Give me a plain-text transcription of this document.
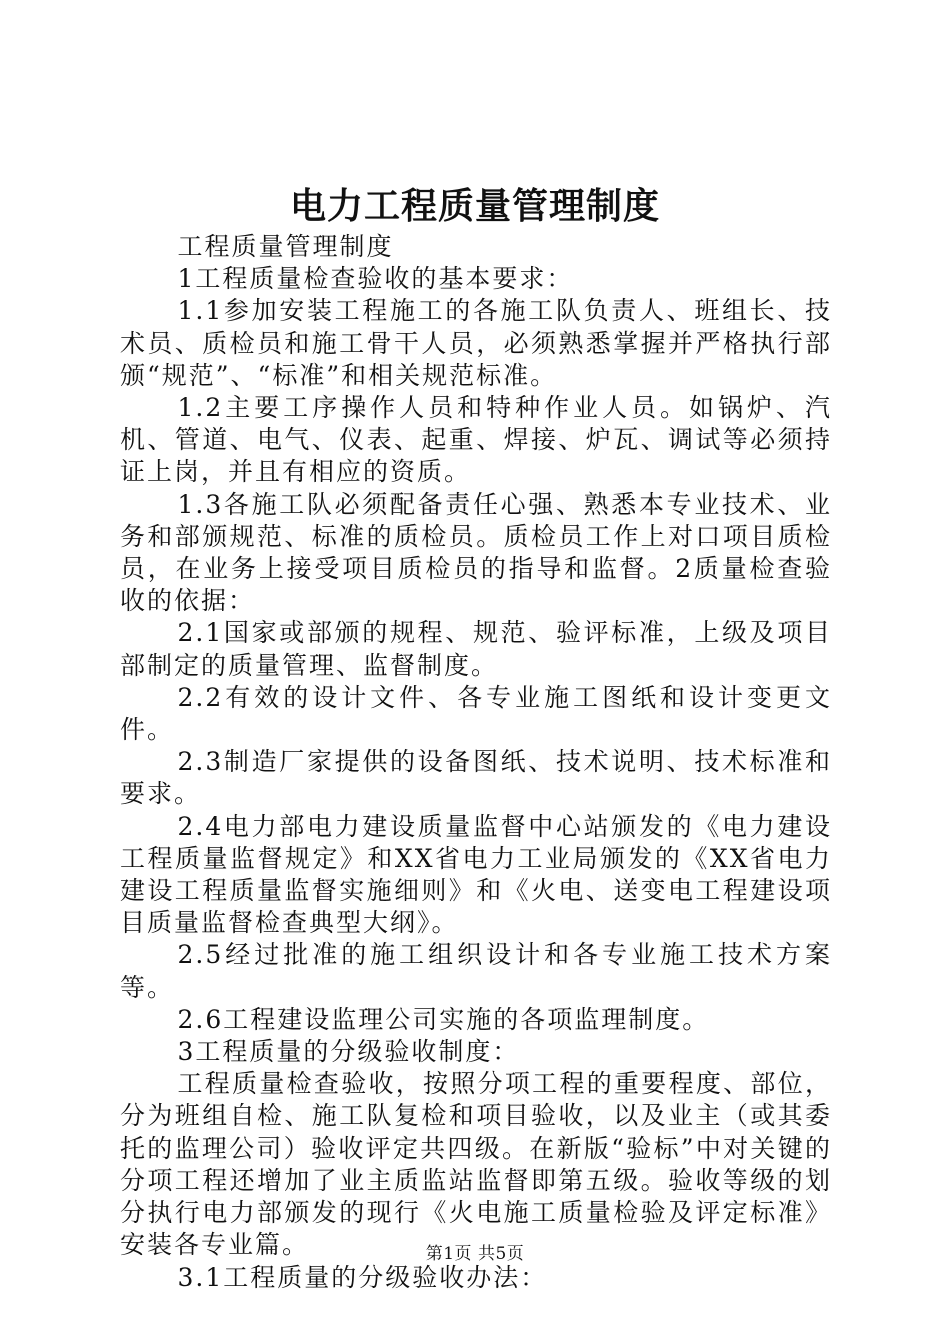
电力工程质量管理制度

工程质量管理制度

1工程质量检查验收的基本要求：

1.1参加安装工程施工的各施工队负责人、班组长、技术员、质检员和施工骨干人员，必须熟悉掌握并严格执行部颁“规范”、“标准”和相关规范标准。

1.2主要工序操作人员和特种作业人员。如锅炉、汽机、管道、电气、仪表、起重、焊接、炉瓦、调试等必须持证上岗，并且有相应的资质。

1.3各施工队必须配备责任心强、熟悉本专业技术、业务和部颁规范、标准的质检员。质检员工作上对口项目质检员，在业务上接受项目质检员的指导和监督。2质量检查验收的依据：

2.1国家或部颁的规程、规范、验评标准，上级及项目部制定的质量管理、监督制度。

2.2有效的设计文件、各专业施工图纸和设计变更文件。

2.3制造厂家提供的设备图纸、技术说明、技术标准和要求。

2.4电力部电力建设质量监督中心站颁发的《电力建设工程质量监督规定》和XX省电力工业局颁发的《XX省电力建设工程质量监督实施细则》和《火电、送变电工程建设项目质量监督检查典型大纲》。

2.5经过批准的施工组织设计和各专业施工技术方案等。

2.6工程建设监理公司实施的各项监理制度。

3工程质量的分级验收制度：

工程质量检查验收，按照分项工程的重要程度、部位，分为班组自检、施工队复检和项目验收，以及业主（或其委托的监理公司）验收评定共四级。在新版“验标”中对关键的分项工程还增加了业主质监站监督即第五级。验收等级的划分执行电力部颁发的现行《火电施工质量检验及评定标准》安装各专业篇。

3.1工程质量的分级验收办法：

第1页 共5页
